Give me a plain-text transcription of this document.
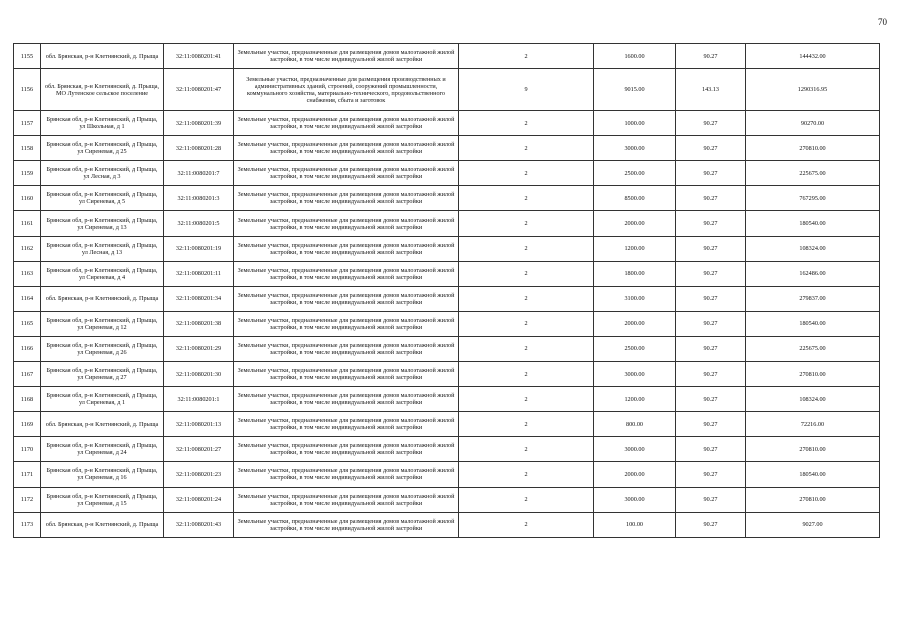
70
1155	обл. Брянская, р-н Клетнянский, д. Прыща	32:11:0080201:41	Земельные участки, предназначенные для размещения домов малоэтажной жилой застройки, в том числе индивидуальной жилой застройки	2	1600.00	90.27	144432.00
1156	обл. Брянская, р-н Клетнянский, д. Прыща, МО Лутенское сельское поселение	32:11:0080201:47	Земельные участки, предназначенные для размещения производственных и административных зданий, строений, сооружений промышленности, коммунального хозяйства, материально-технического, продовольственного снабжения, сбыта и заготовок	9	9015.00	143.13	1290316.95
1157	Брянская обл, р-н Клетнянский, д Прыща, ул Школьная, д 1	32:11:0080201:39	Земельные участки, предназначенные для размещения домов малоэтажной жилой застройки, в том числе индивидуальной жилой застройки	2	1000.00	90.27	90270.00
1158	Брянская обл, р-н Клетнянский, д Прыща, ул Сиреневая, д 25	32:11:0080201:28	Земельные участки, предназначенные для размещения домов малоэтажной жилой застройки, в том числе индивидуальной жилой застройки	2	3000.00	90.27	270810.00
1159	Брянская обл, р-н Клетнянский, д Прыща, ул Лесная, д 3	32:11:0080201:7	Земельные участки, предназначенные для размещения домов малоэтажной жилой застройки, в том числе индивидуальной жилой застройки	2	2500.00	90.27	225675.00
1160	Брянская обл, р-н Клетнянский, д Прыща, ул Сиреневая, д 5	32:11:0080201:3	Земельные участки, предназначенные для размещения домов малоэтажной жилой застройки, в том числе индивидуальной жилой застройки	2	8500.00	90.27	767295.00
1161	Брянская обл, р-н Клетнянский, д Прыща, ул Сиреневая, д 13	32:11:0080201:5	Земельные участки, предназначенные для размещения домов малоэтажной жилой застройки, в том числе индивидуальной жилой застройки	2	2000.00	90.27	180540.00
1162	Брянская обл, р-н Клетнянский, д Прыща, ул Лесная, д 13	32:11:0080201:19	Земельные участки, предназначенные для размещения домов малоэтажной жилой застройки, в том числе индивидуальной жилой застройки	2	1200.00	90.27	108324.00
1163	Брянская обл, р-н Клетнянский, д Прыща, ул Сиреневая, д 4	32:11:0080201:11	Земельные участки, предназначенные для размещения домов малоэтажной жилой застройки, в том числе индивидуальной жилой застройки	2	1800.00	90.27	162486.00
1164	обл. Брянская, р-н Клетнянский, д. Прыща	32:11:0080201:34	Земельные участки, предназначенные для размещения домов малоэтажной жилой застройки, в том числе индивидуальной жилой застройки	2	3100.00	90.27	279837.00
1165	Брянская обл, р-н Клетнянский, д Прыща, ул Сиреневая, д 12	32:11:0080201:38	Земельные участки, предназначенные для размещения домов малоэтажной жилой застройки, в том числе индивидуальной жилой застройки	2	2000.00	90.27	180540.00
1166	Брянская обл, р-н Клетнянский, д Прыща, ул Сиреневая, д 26	32:11:0080201:29	Земельные участки, предназначенные для размещения домов малоэтажной жилой застройки, в том числе индивидуальной жилой застройки	2	2500.00	90.27	225675.00
1167	Брянская обл, р-н Клетнянский, д Прыща, ул Сиреневая, д 27	32:11:0080201:30	Земельные участки, предназначенные для размещения домов малоэтажной жилой застройки, в том числе индивидуальной жилой застройки	2	3000.00	90.27	270810.00
1168	Брянская обл, р-н Клетнянский, д Прыща, ул Сиреневая, д 1	32:11:0080201:1	Земельные участки, предназначенные для размещения домов малоэтажной жилой застройки, в том числе индивидуальной жилой застройки	2	1200.00	90.27	108324.00
1169	обл. Брянская, р-н Клетнянский, д. Прыща	32:11:0080201:13	Земельные участки, предназначенные для размещения домов малоэтажной жилой застройки, в том числе индивидуальной жилой застройки	2	800.00	90.27	72216.00
1170	Брянская обл, р-н Клетнянский, д Прыща, ул Сиреневая, д 24	32:11:0080201:27	Земельные участки, предназначенные для размещения домов малоэтажной жилой застройки, в том числе индивидуальной жилой застройки	2	3000.00	90.27	270810.00
1171	Брянская обл, р-н Клетнянский, д Прыща, ул Сиреневая, д 16	32:11:0080201:23	Земельные участки, предназначенные для размещения домов малоэтажной жилой застройки, в том числе индивидуальной жилой застройки	2	2000.00	90.27	180540.00
1172	Брянская обл, р-н Клетнянский, д Прыща, ул Сиреневая, д 15	32:11:0080201:24	Земельные участки, предназначенные для размещения домов малоэтажной жилой застройки, в том числе индивидуальной жилой застройки	2	3000.00	90.27	270810.00
1173	обл. Брянская, р-н Клетнянский, д. Прыща	32:11:0080201:43	Земельные участки, предназначенные для размещения домов малоэтажной жилой застройки, в том числе индивидуальной жилой застройки	2	100.00	90.27	9027.00
